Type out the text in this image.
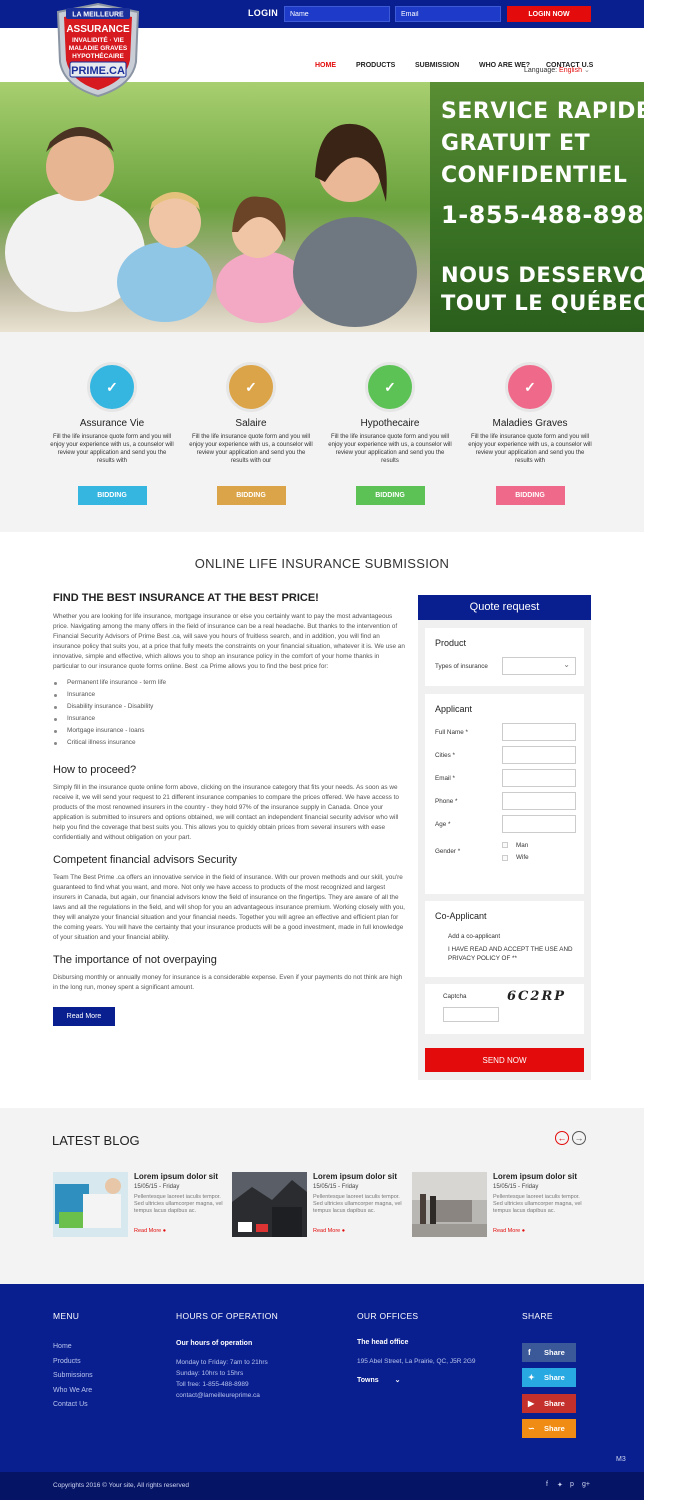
LOGIN
Name
Email	LOGIN NOW
Language: English ⌄
LA MEILLEURE
ASSURANCE
INVALIDITÉ · VIE
MALADIE GRAVES
HYPOTHÉCAIRE
PRIME.CA	HOME	PRODUCTS	SUBMISSION	WHO ARE WE? CONTACT U.S
SERVICE RAPIDE,
GRATUIT ET
CONFIDENTIEL
1-855-488-8989
NOUS DESSERVONS
TOUT LE QUÉBEC
✓
Assurance Vie
Fill the life insurance quote form and you will enjoy your experience with us, a counselor will review your application and send you the results with
BIDDING
✓
Salaire
Fill the life insurance quote form and you will enjoy your experience with us, a counselor will review your application and send you the results with our
BIDDING
✓
Hypothecaire
Fill the life insurance quote form and you will enjoy your experience with us, a counselor will review your application and send you the results
BIDDING
✓
Maladies Graves
Fill the life insurance quote form and you will enjoy your experience with us, a counselor will review your application and send you the results with
BIDDING
ONLINE LIFE INSURANCE SUBMISSION
FIND THE BEST INSURANCE AT THE BEST PRICE!

Whether you are looking for life insurance, mortgage insurance or else you certainly want to pay the most advantageous price. Navigating among the many offers in the field of insurance can be a real headache. But thanks to the intervention of Financial Security Advisors of Prime Best .ca, will save you hours of fruitless search, and in addition, you will find an insurance policy that suits you, at a price that fully meets the constraints on your financial situation, whatever it is. We use an innovative, simple and effective, which allows you to shop an insurance policy in the comfort of your home thanks in particular to our insurance quote forms online. Best .ca Prime allows you to find the best price for:

Permanent life insurance - term life
Insurance
Disability insurance - Disability
Insurance
Mortgage insurance - loans
Critical illness insurance
How to proceed?

Simply fill in the insurance quote online form above, clicking on the insurance category that fits your needs. As soon as we receive it, we will send your request to 21 different insurance companies to compare the prices offered. We have access to products of the most renowned insurers in the country - they hold 97% of the insurance supply in Canada. Once your application is submitted to insurers and options obtained, we will contact an independent financial security advisor who will help you find the coverage that best suits you. This allows you to quickly obtain prices from several insurers with ease confidentially and without obligation on your part.

Competent financial advisors Security

Team The Best Prime .ca offers an innovative service in the field of insurance. With our proven methods and our skill, you're guaranteed to find what you want, and more. Not only we have access to products of the most recognized and largest insurers in Canada, but again, our financial advisors know the field of insurance on the fingertips. They are aware of all the laws and all the regulations in the field, and will shop for you an advantageous insurance premium. Working closely with you, they will analyze your financial situation and your financial needs. Together you will agree an effective and efficient plan for the coming years. You will have the certainty that your insurance products will be a good investment, made in full knowledge of your situation and your financial ability.

The importance of not overpaying

Disbursing monthly or annually money for insurance is a considerable expense. Even if your payments do not think are high in the long run, money spent a significant amount.

Read More
Quote request
Product
Types of insurance	⌄
Applicant
Full Name *
Cities *
Email *
Phone *
Age *
Gender *
Man
Wife
Co-Applicant
Add a co-applicant
I HAVE READ AND ACCEPT THE USE AND PRIVACY POLICY OF **
Captcha	6C2RP
SEND NOW
LATEST BLOG	← →
Lorem ipsum dolor sit
15/05/15 - Friday
Pellentesque laoreet iaculis tempor. Sed ultricies ullamcorper magna, vel tempus lacus dapibus ac.
Read More ●
Lorem ipsum dolor sit
15/05/15 - Friday
Pellentesque laoreet iaculis tempor. Sed ultricies ullamcorper magna, vel tempus lacus dapibus ac.
Read More ●
Lorem ipsum dolor sit
15/05/15 - Friday
Pellentesque laoreet iaculis tempor. Sed ultricies ullamcorper magna, vel tempus lacus dapibus ac.
Read More ●
MENU
Home
Products
Submissions
Who We Are
Contact Us
HOURS OF OPERATION
Our hours of operation
Monday to Friday: 7am to 21hrs
Sunday: 10hrs to 15hrs
Toll free: 1-855-488-8989
contact@lameilleureprime.ca
OUR OFFICES
The head office
195 Abel Street, La Prairie, QC, J5R 2G9
Towns ⌄
SHARE
f Share
✦ Share
▶ Share
∽ Share
M3
Copyrights 2016 © Your site, All rights reserved	f ✦ p g+
